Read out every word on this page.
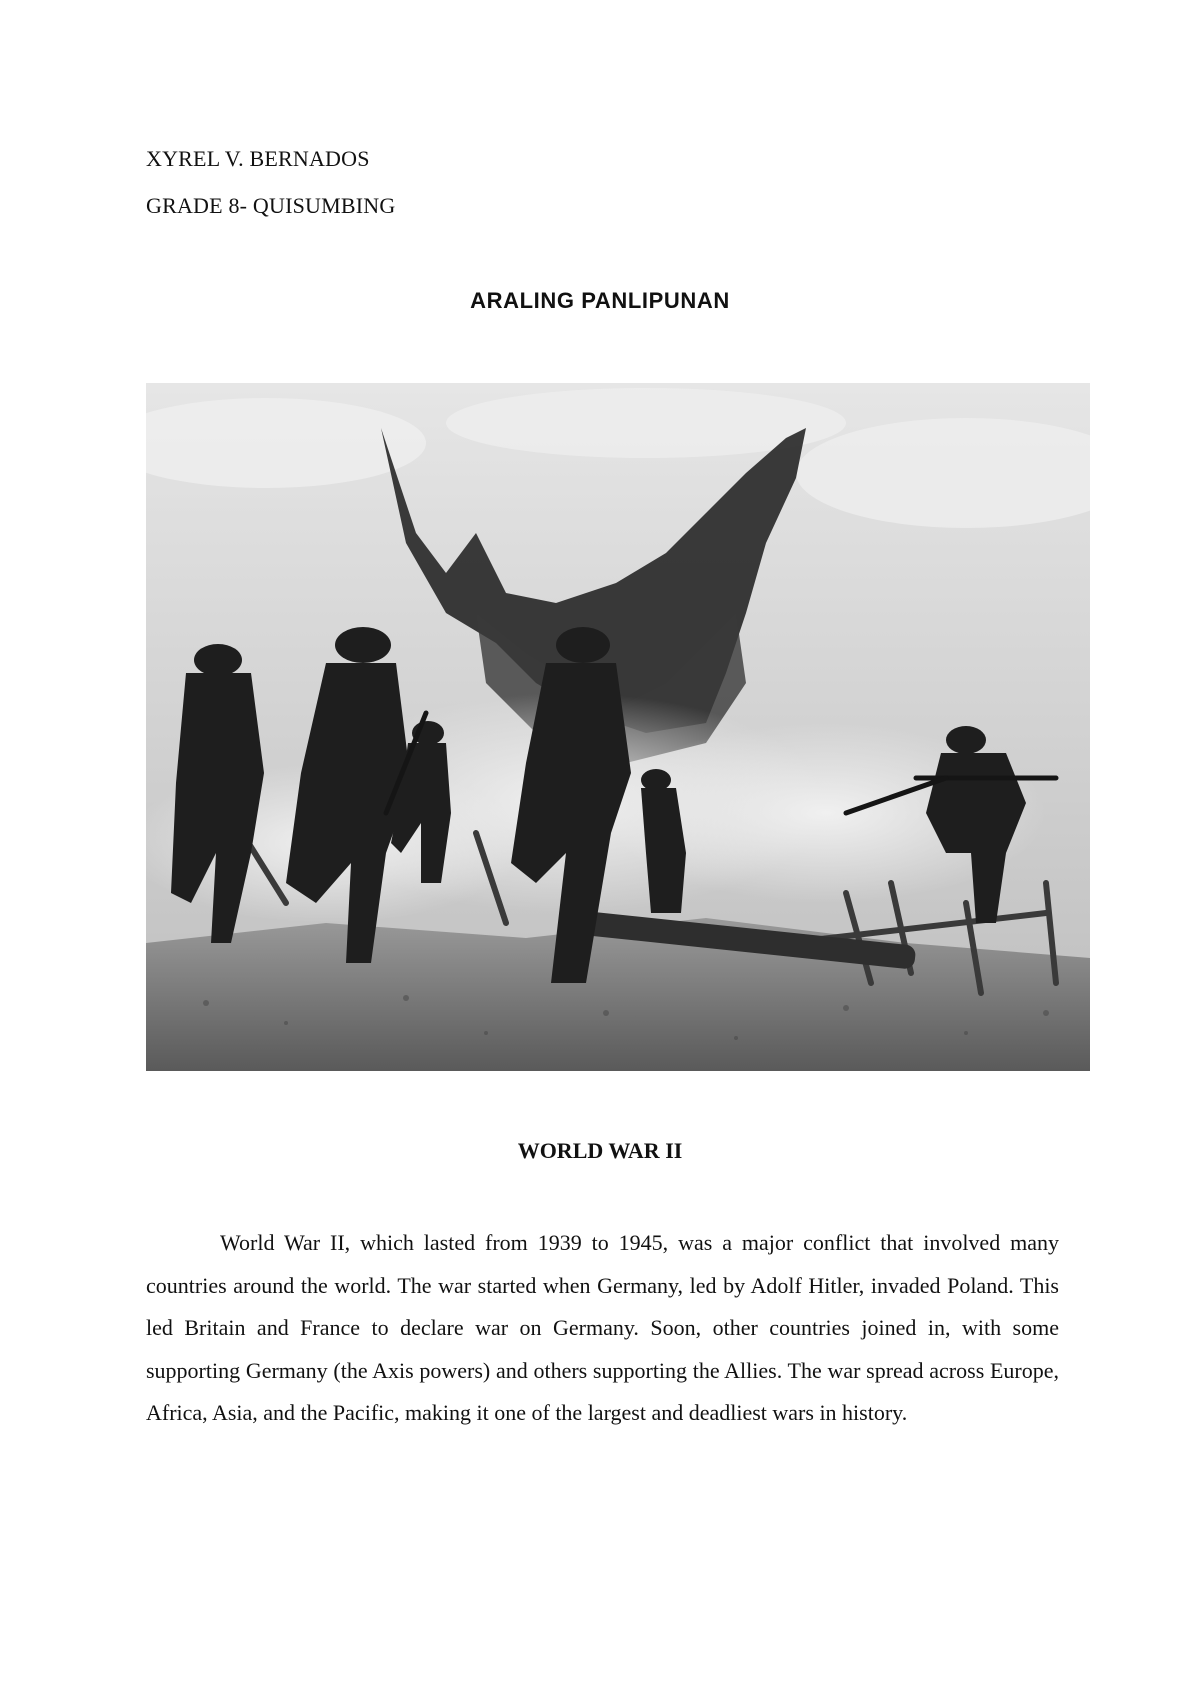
XYREL V. BERNADOS
GRADE 8- QUISUMBING
ARALING PANLIPUNAN
WORLD WAR II

World War II, which lasted from 1939 to 1945, was a major conflict that involved many countries around the world. The war started when Germany, led by Adolf Hitler, invaded Poland. This led Britain and France to declare war on Germany. Soon, other countries joined in, with some supporting Germany (the Axis powers) and others supporting the Allies. The war spread across Europe, Africa, Asia, and the Pacific, making it one of the largest and deadliest wars in history.
